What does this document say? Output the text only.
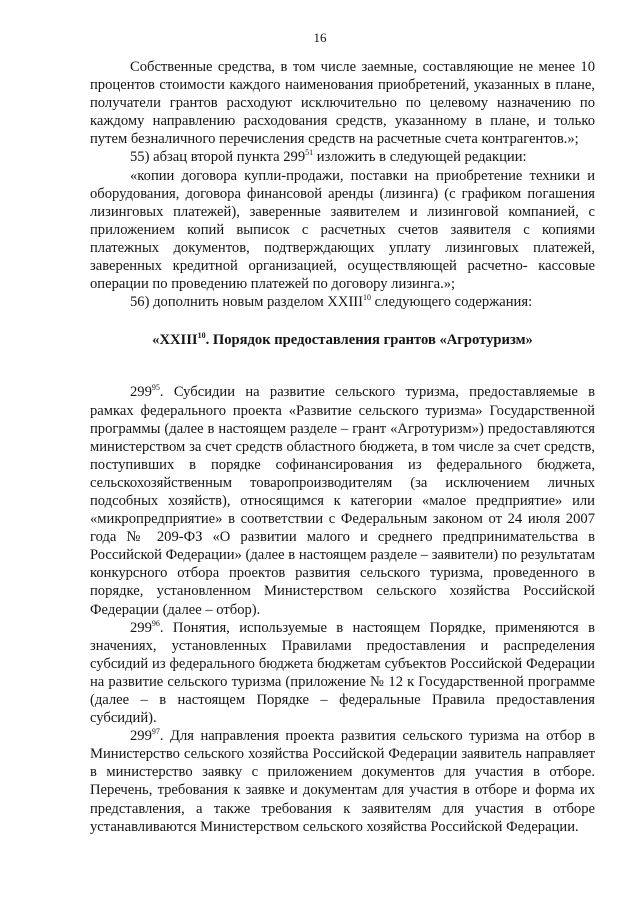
16

Собственные средства, в том числе заемные, составляющие не менее 10 процентов стоимости каждого наименования приобретений, указанных в плане, получатели грантов расходуют исключительно по целевому назначению по каждому направлению расходования средств, указанному в плане, и только путем безналичного перечисления средств на расчетные счета контрагентов.»;

55) абзац второй пункта $299^{51}$ изложить в следующей редакции:

«копии договора купли-продажи, поставки на приобретение техники и оборудования, договора финансовой аренды (лизинга) (с графиком погашения лизинговых платежей), заверенные заявителем и лизинговой компанией, с приложением копий выписок с расчетных счетов заявителя с копиями платежных документов, подтверждающих уплату лизинговых платежей, заверенных кредитной организацией, осуществляющей расчетно- кассовые операции по проведению платежей по договору лизинга.»;

56) дополнить новым разделом XXIII$^{10}$ следующего содержания:

«XXIII$^{10}$. Порядок предоставления грантов «Агротуризм»

$299^{95}$. Субсидии на развитие сельского туризма, предоставляемые в рамках федерального проекта «Развитие сельского туризма» Государственной программы (далее в настоящем разделе – грант «Агротуризм») предоставляются министерством за счет средств областного бюджета, в том числе за счет средств, поступивших в порядке софинансирования из федерального бюджета, сельскохозяйственным товаропроизводителям (за исключением личных подсобных хозяйств), относящимся к категории «малое предприятие» или «микропредприятие» в соответствии с Федеральным законом от 24 июля 2007 года № 209-ФЗ «О развитии малого и среднего предпринимательства в Российской Федерации» (далее в настоящем разделе – заявители) по результатам конкурсного отбора проектов развития сельского туризма, проведенного в порядке, установленном Министерством сельского хозяйства Российской Федерации (далее – отбор).

$299^{96}$. Понятия, используемые в настоящем Порядке, применяются в значениях, установленных Правилами предоставления и распределения субсидий из федерального бюджета бюджетам субъектов Российской Федерации на развитие сельского туризма (приложение № 12 к Государственной программе (далее – в настоящем Порядке – федеральные Правила предоставления субсидий).

$299^{97}$. Для направления проекта развития сельского туризма на отбор в Министерство сельского хозяйства Российской Федерации заявитель направляет в министерство заявку с приложением документов для участия в отборе. Перечень, требования к заявке и документам для участия в отборе и форма их представления, а также требования к заявителям для участия в отборе устанавливаются Министерством сельского хозяйства Российской Федерации.
